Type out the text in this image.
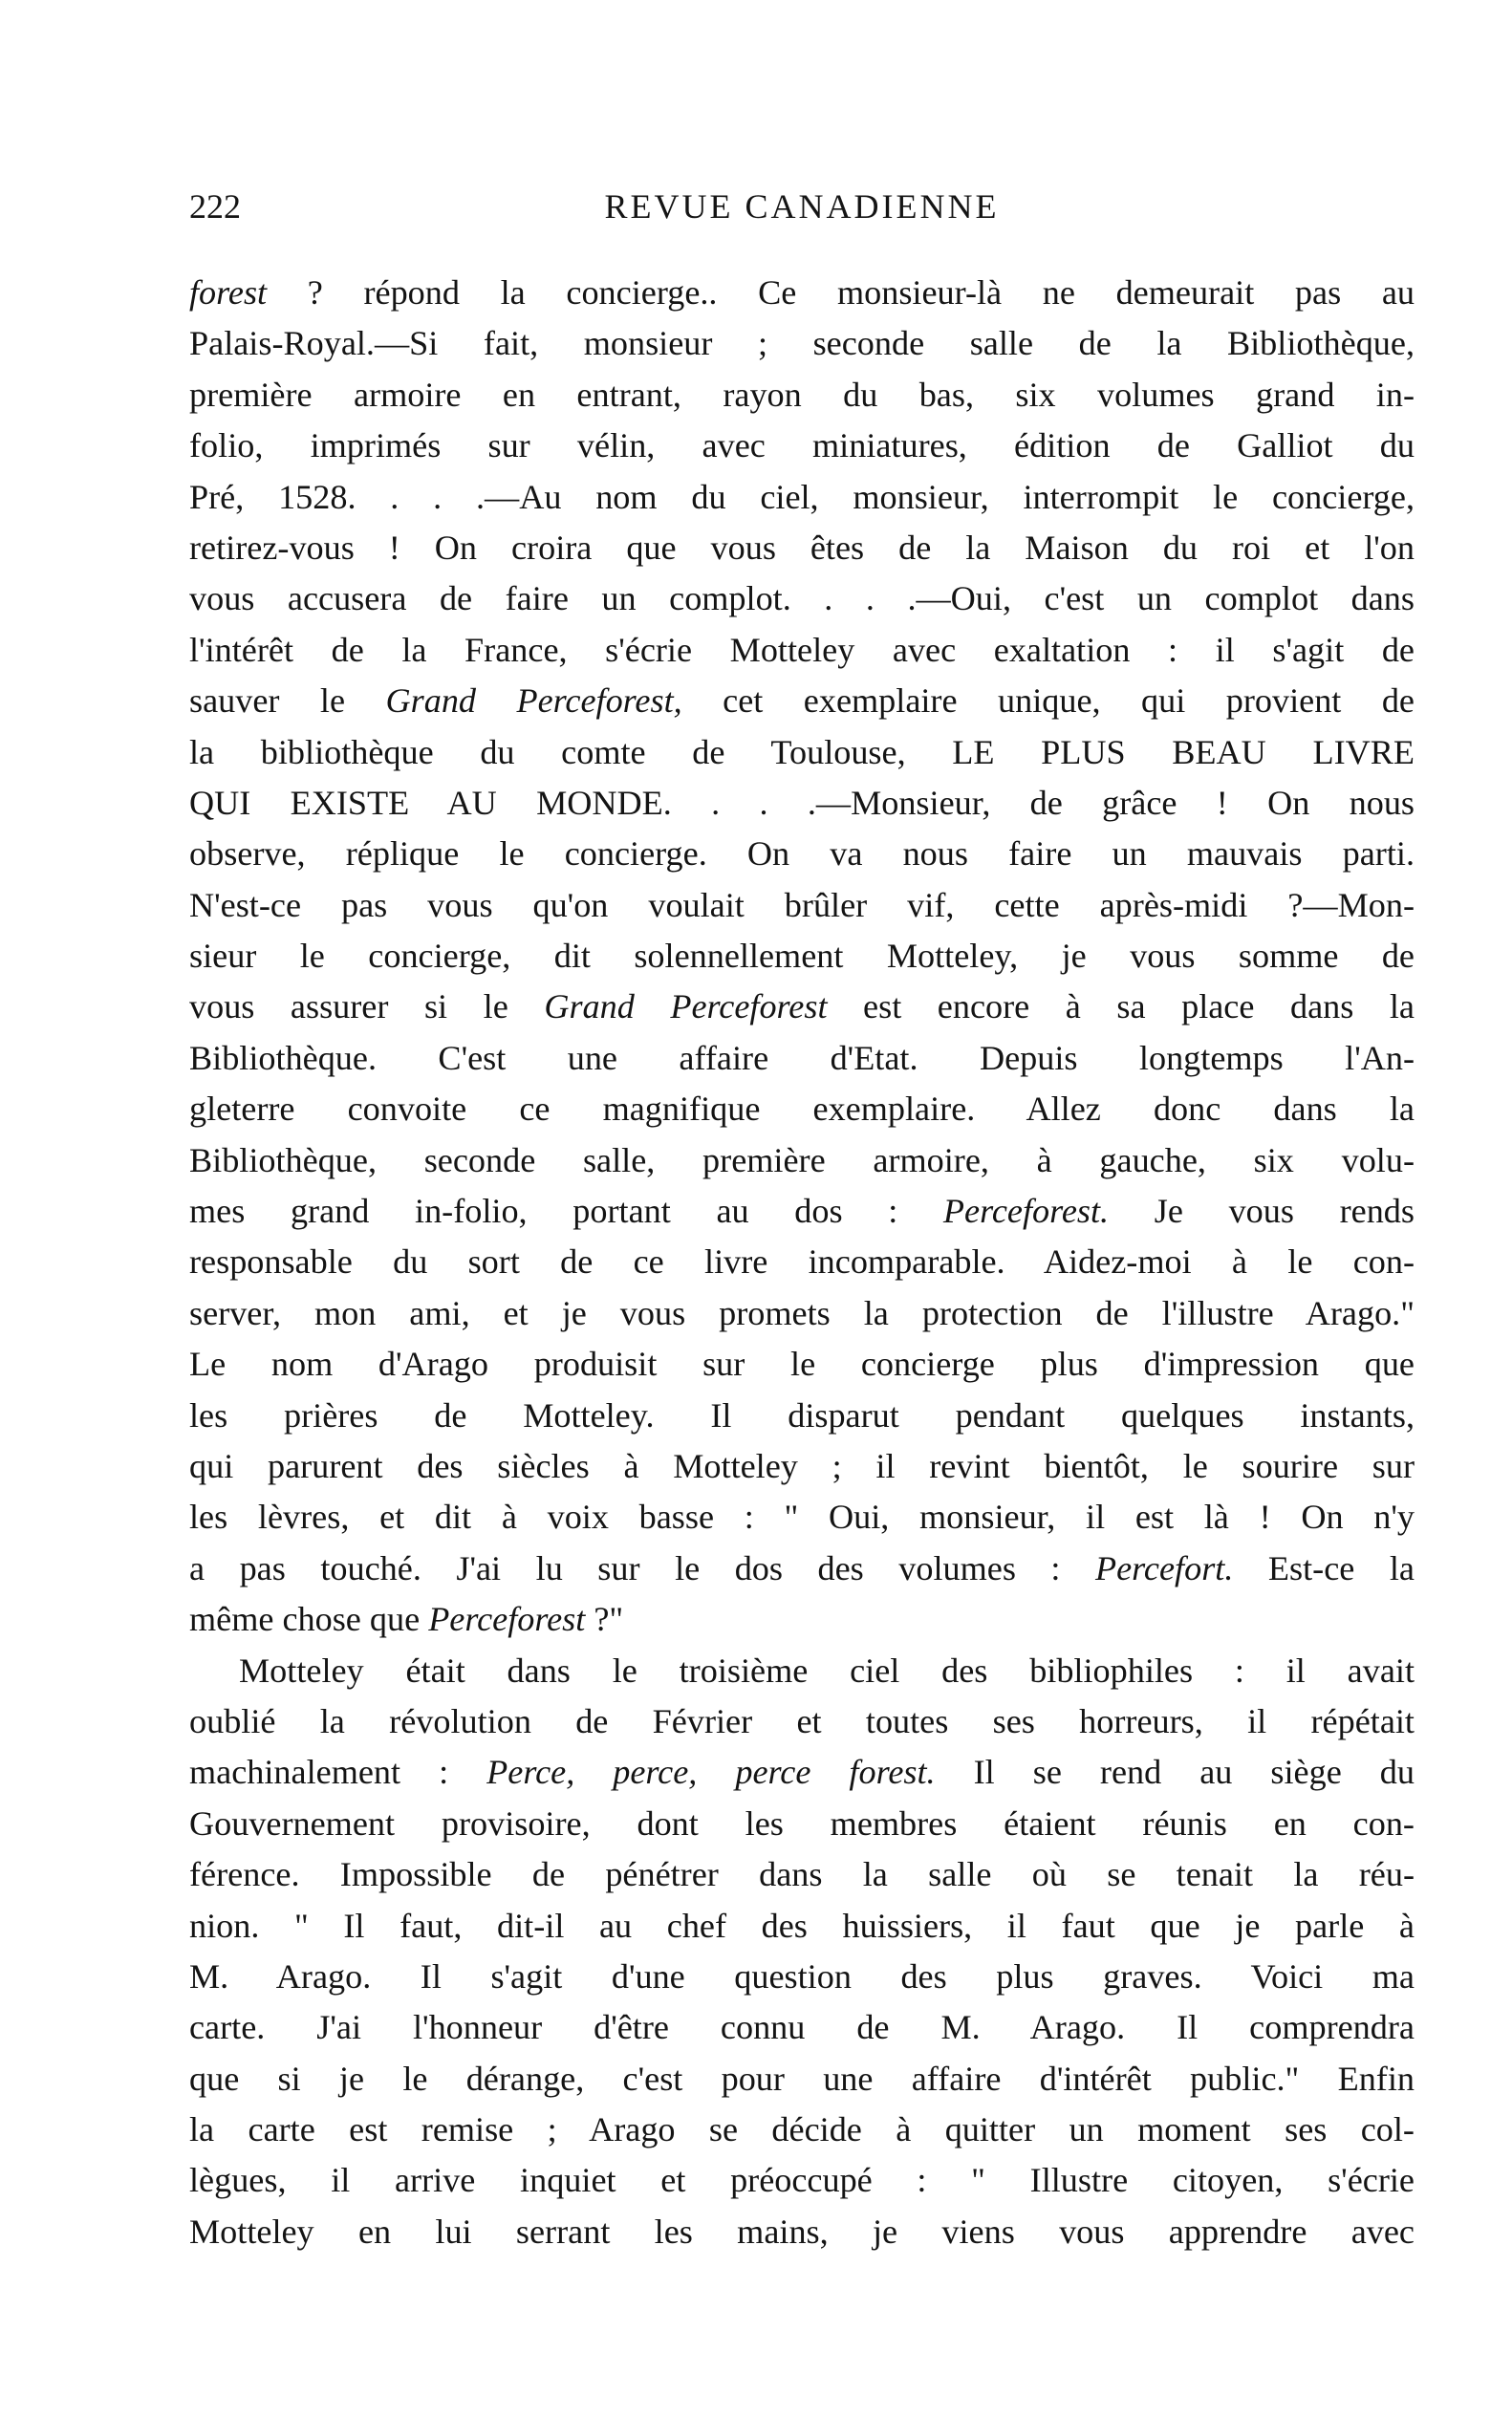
222	REVUE CANADIENNE
forest ? répond la concierge.. Ce monsieur-là ne demeurait pas au
Palais-Royal.—Si fait, monsieur ; seconde salle de la Bibliothèque,
première armoire en entrant, rayon du bas, six volumes grand in-
folio, imprimés sur vélin, avec miniatures, édition de Galliot du
Pré, 1528. . . .—Au nom du ciel, monsieur, interrompit le concierge,
retirez-vous ! On croira que vous êtes de la Maison du roi et l'on
vous accusera de faire un complot. . . .—Oui, c'est un complot dans
l'intérêt de la France, s'écrie Motteley avec exaltation : il s'agit de
sauver le Grand Perceforest, cet exemplaire unique, qui provient de
la bibliothèque du comte de Toulouse, LE PLUS BEAU LIVRE
QUI EXISTE AU MONDE. . . .—Monsieur, de grâce ! On nous
observe, réplique le concierge. On va nous faire un mauvais parti.
N'est-ce pas vous qu'on voulait brûler vif, cette après-midi ?—Mon-
sieur le concierge, dit solennellement Motteley, je vous somme de
vous assurer si le Grand Perceforest est encore à sa place dans la
Bibliothèque. C'est une affaire d'Etat. Depuis longtemps l'An-
gleterre convoite ce magnifique exemplaire. Allez donc dans la
Bibliothèque, seconde salle, première armoire, à gauche, six volu-
mes grand in-folio, portant au dos : Perceforest. Je vous rends
responsable du sort de ce livre incomparable. Aidez-moi à le con-
server, mon ami, et je vous promets la protection de l'illustre Arago."
Le nom d'Arago produisit sur le concierge plus d'impression que
les prières de Motteley. Il disparut pendant quelques instants,
qui parurent des siècles à Motteley ; il revint bientôt, le sourire sur
les lèvres, et dit à voix basse : " Oui, monsieur, il est là ! On n'y
a pas touché. J'ai lu sur le dos des volumes : Percefort. Est-ce la
même chose que Perceforest ?"
Motteley était dans le troisième ciel des bibliophiles : il avait
oublié la révolution de Février et toutes ses horreurs, il répétait
machinalement : Perce, perce, perce forest. Il se rend au siège du
Gouvernement provisoire, dont les membres étaient réunis en con-
férence. Impossible de pénétrer dans la salle où se tenait la réu-
nion. " Il faut, dit-il au chef des huissiers, il faut que je parle à
M. Arago. Il s'agit d'une question des plus graves. Voici ma
carte. J'ai l'honneur d'être connu de M. Arago. Il comprendra
que si je le dérange, c'est pour une affaire d'intérêt public." Enfin
la carte est remise ; Arago se décide à quitter un moment ses col-
lègues, il arrive inquiet et préoccupé : " Illustre citoyen, s'écrie
Motteley en lui serrant les mains, je viens vous apprendre avec
